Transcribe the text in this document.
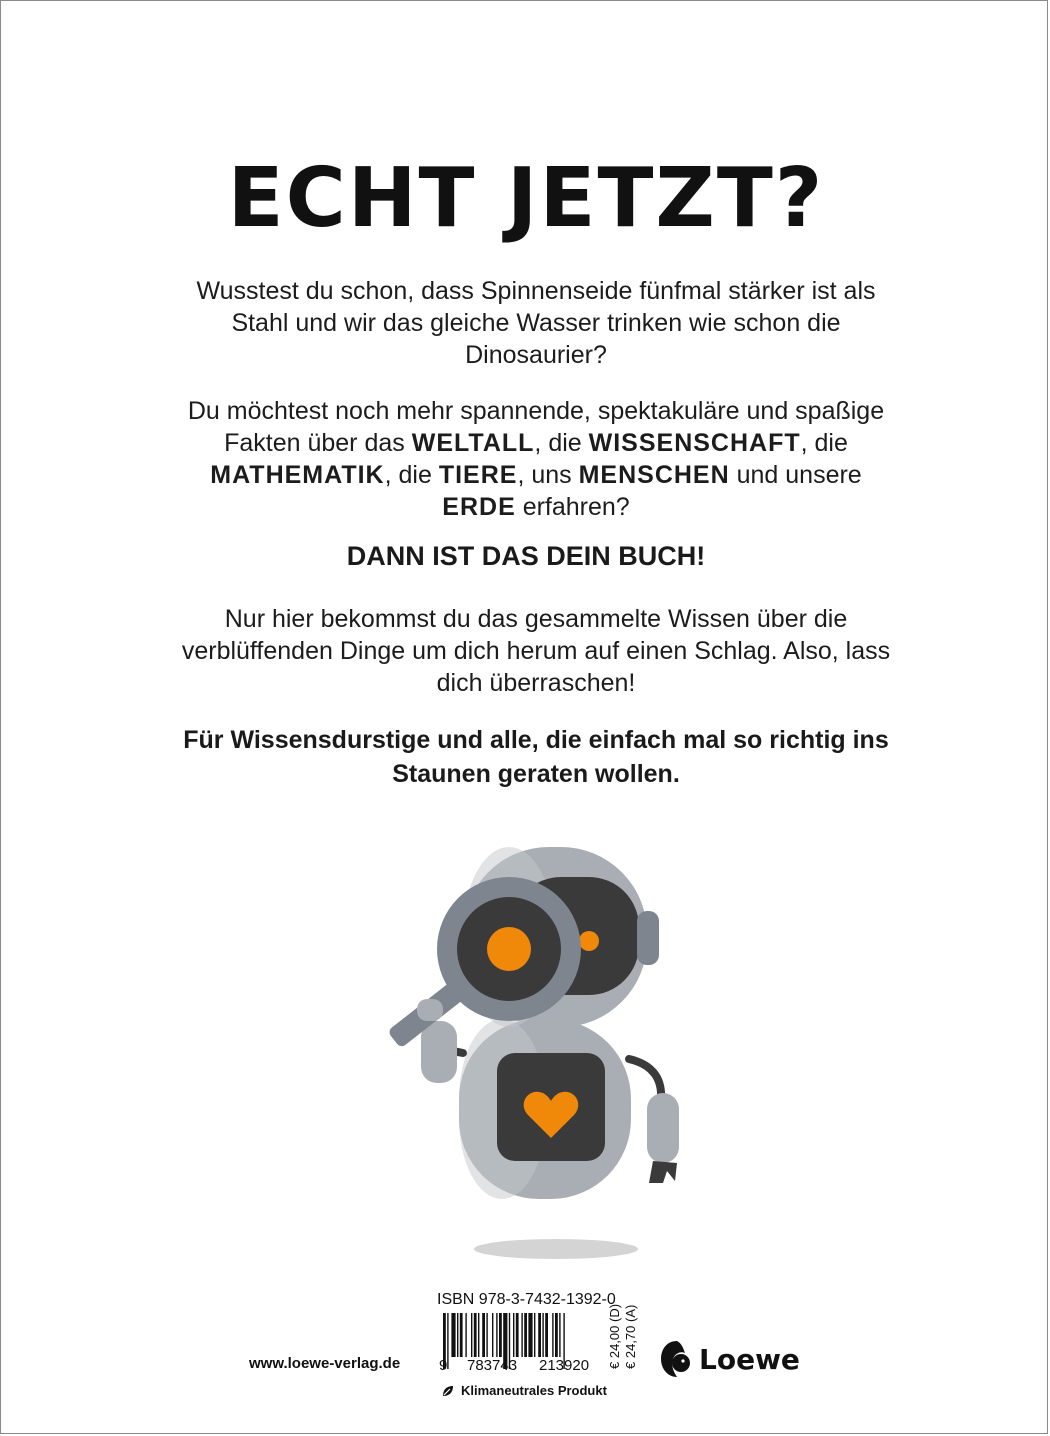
ECHT JETZT?
Wusstest du schon, dass Spinnenseide fünfmal stärker ist als Stahl und wir das gleiche Wasser trinken wie schon die Dinosaurier?
Du möchtest noch mehr spannende, spektakuläre und spaßige Fakten über das WELTALL, die WISSENSCHAFT, die MATHEMATIK, die TIERE, uns MENSCHEN und unsere ERDE erfahren?
DANN IST DAS DEIN BUCH!
Nur hier bekommst du das gesammelte Wissen über die verblüffenden Dinge um dich herum auf einen Schlag. Also, lass dich überraschen!
Für Wissensdurstige und alle, die einfach mal so richtig ins Staunen geraten wollen.
ISBN 978-3-7432-1392-0
9 783743 213920 € 24,00 (D) € 24,70 (A)
www.loewe-verlag.de
Klimaneutrales Produkt
Loewe
